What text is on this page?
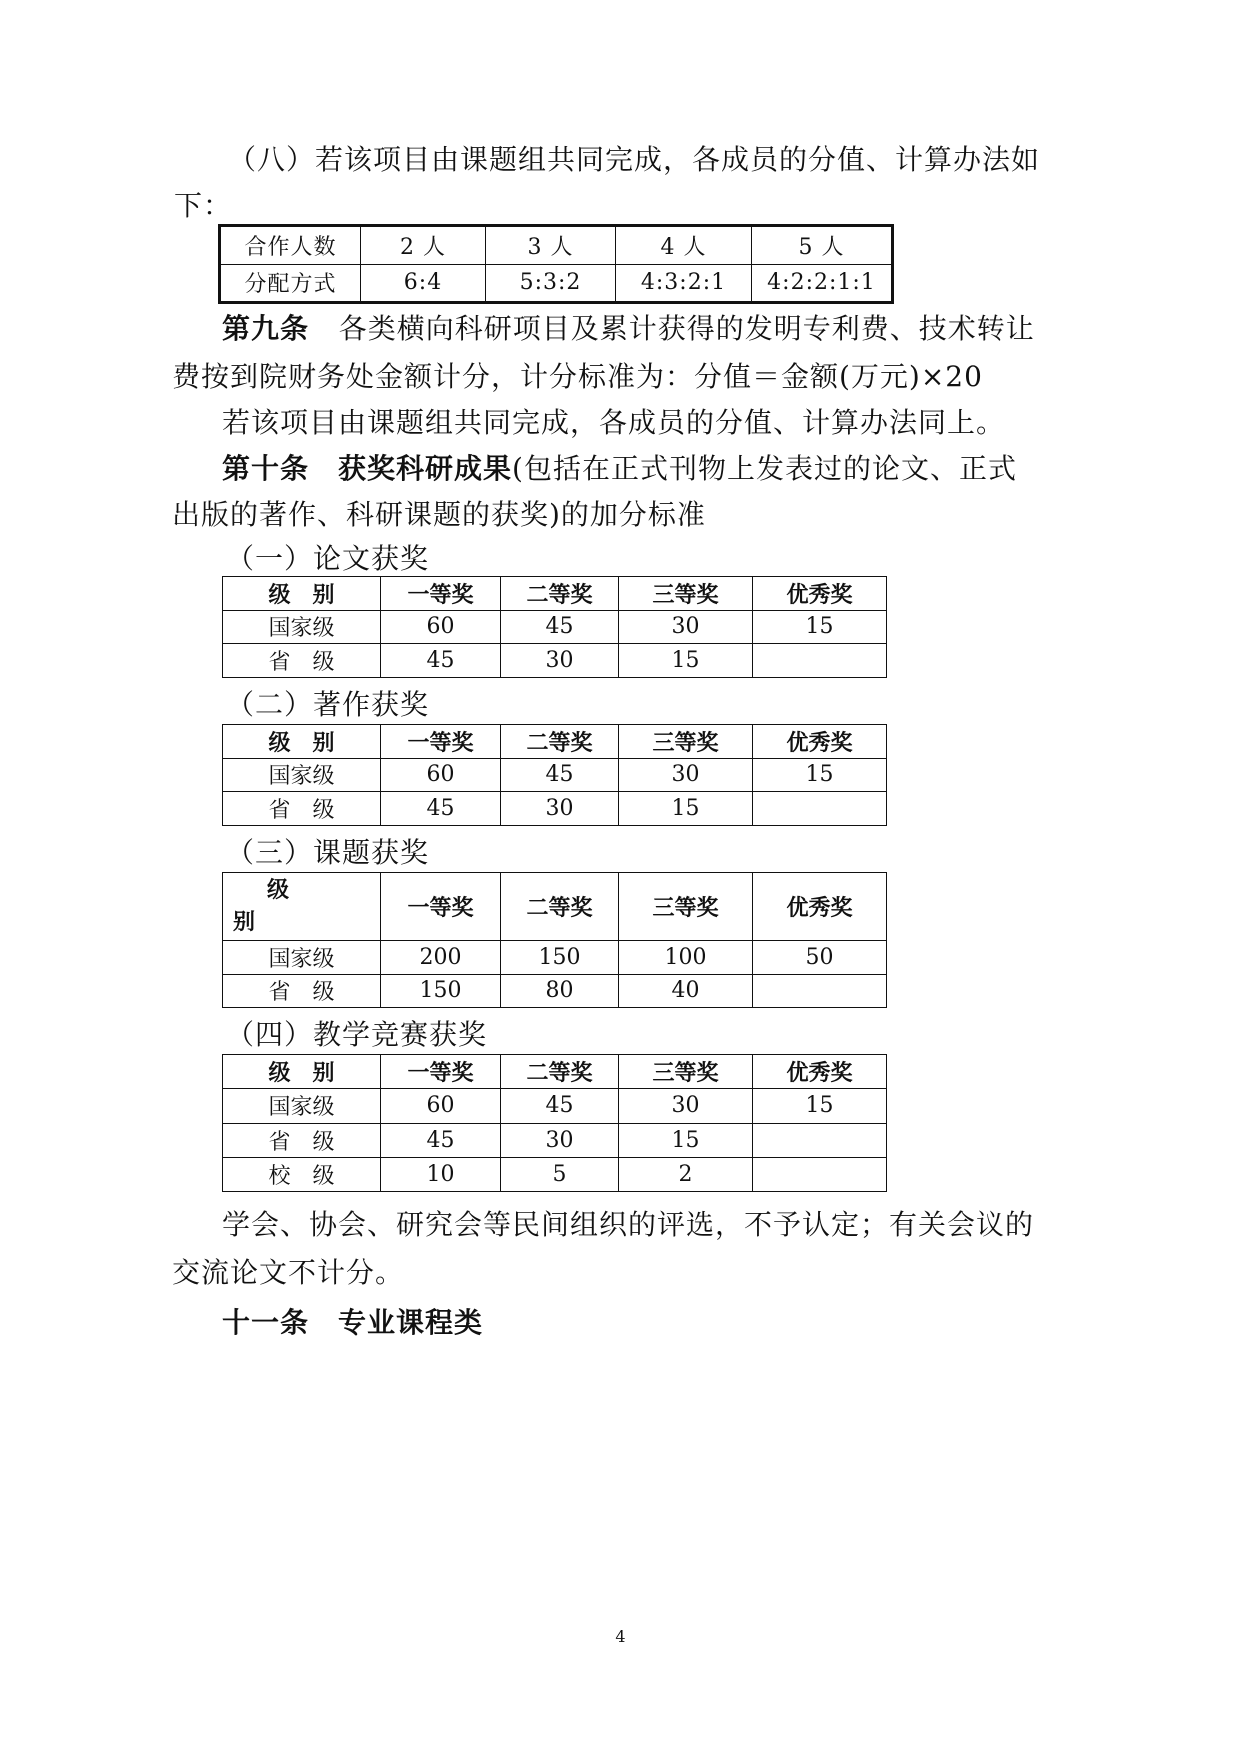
（八）若该项目由课题组共同完成，各成员的分值、计算办法如
下：
合作人数	2 人	3 人	4 人	5 人
分配方式	6:4	5:3:2	4:3:2:1	4:2:2:1:1
第九条 各类横向科研项目及累计获得的发明专利费、技术转让
费按到院财务处金额计分，计分标准为：分值＝金额(万元)×20
若该项目由课题组共同完成，各成员的分值、计算办法同上。
第十条　获奖科研成果(包括在正式刊物上发表过的论文、正式
出版的著作、科研课题的获奖)的加分标准
（一）论文获奖
级　别	一等奖	二等奖	三等奖	优秀奖
国家级	60	45	30	15
省　级	45	30	15	
（二）著作获奖
级　别	一等奖	二等奖	三等奖	优秀奖
国家级	60	45	30	15
省　级	45	30	15	
（三）课题获奖
级
别	一等奖	二等奖	三等奖	优秀奖
国家级	200	150	100	50
省　级	150	80	40	
（四）教学竞赛获奖
级　别	一等奖	二等奖	三等奖	优秀奖
国家级	60	45	30	15
省　级	45	30	15	
校　级	10	5	2	
学会、协会、研究会等民间组织的评选，不予认定；有关会议的
交流论文不计分。
十一条　专业课程类
4
